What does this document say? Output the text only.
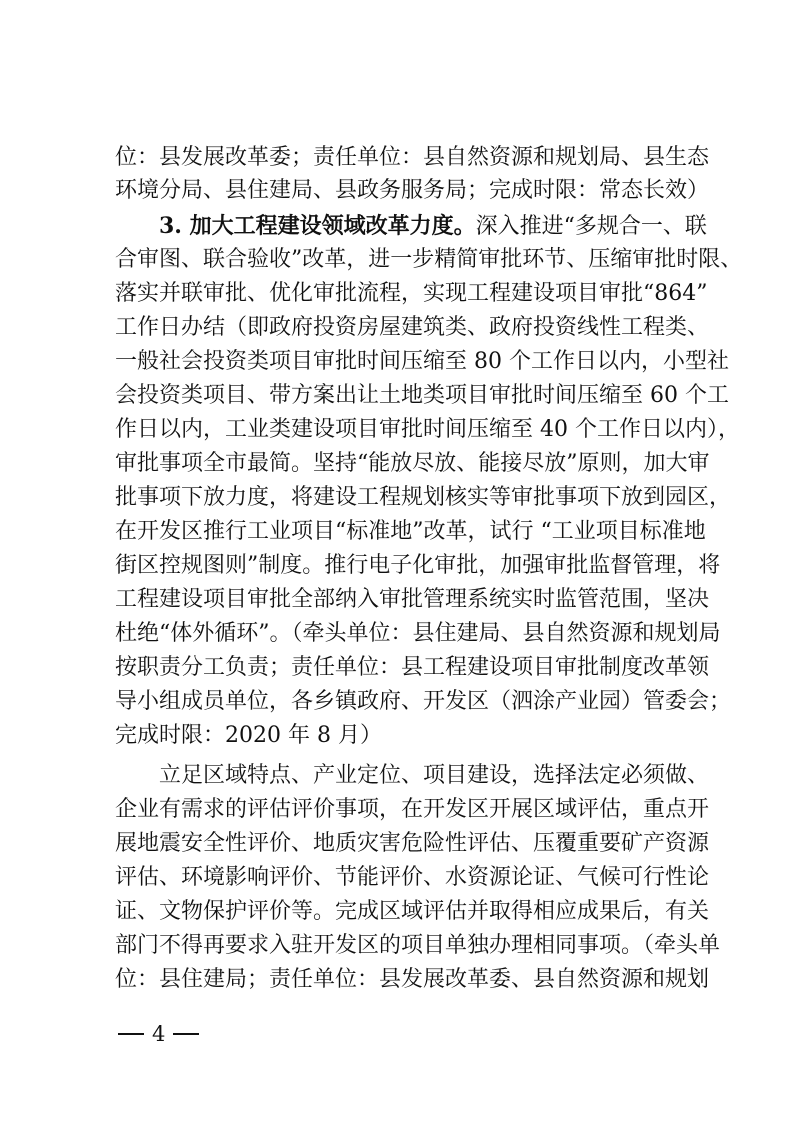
位：县发展改革委；责任单位：县自然资源和规划局、县生态
环境分局、县住建局、县政务服务局；完成时限：常态长效）
3. 加大工程建设领域改革力度。深入推进“多规合一、联
合审图、联合验收”改革，进一步精简审批环节、压缩审批时限、
落实并联审批、优化审批流程，实现工程建设项目审批“864”
工作日办结（即政府投资房屋建筑类、政府投资线性工程类、
一般社会投资类项目审批时间压缩至 80 个工作日以内，小型社
会投资类项目、带方案出让土地类项目审批时间压缩至 60 个工
作日以内，工业类建设项目审批时间压缩至 40 个工作日以内），
审批事项全市最简。坚持“能放尽放、能接尽放”原则，加大审
批事项下放力度，将建设工程规划核实等审批事项下放到园区，
在开发区推行工业项目“标准地”改革，试行 “工业项目标准地
街区控规图则”制度。推行电子化审批，加强审批监督管理，将
工程建设项目审批全部纳入审批管理系统实时监管范围，坚决
杜绝“体外循环”。（牵头单位：县住建局、县自然资源和规划局
按职责分工负责；责任单位：县工程建设项目审批制度改革领
导小组成员单位，各乡镇政府、开发区（泗涂产业园）管委会；
完成时限：2020 年 8 月）
立足区域特点、产业定位、项目建设，选择法定必须做、
企业有需求的评估评价事项，在开发区开展区域评估，重点开
展地震安全性评价、地质灾害危险性评估、压覆重要矿产资源
评估、环境影响评价、节能评价、水资源论证、气候可行性论
证、文物保护评价等。完成区域评估并取得相应成果后，有关
部门不得再要求入驻开发区的项目单独办理相同事项。（牵头单
位：县住建局；责任单位：县发展改革委、县自然资源和规划
4
